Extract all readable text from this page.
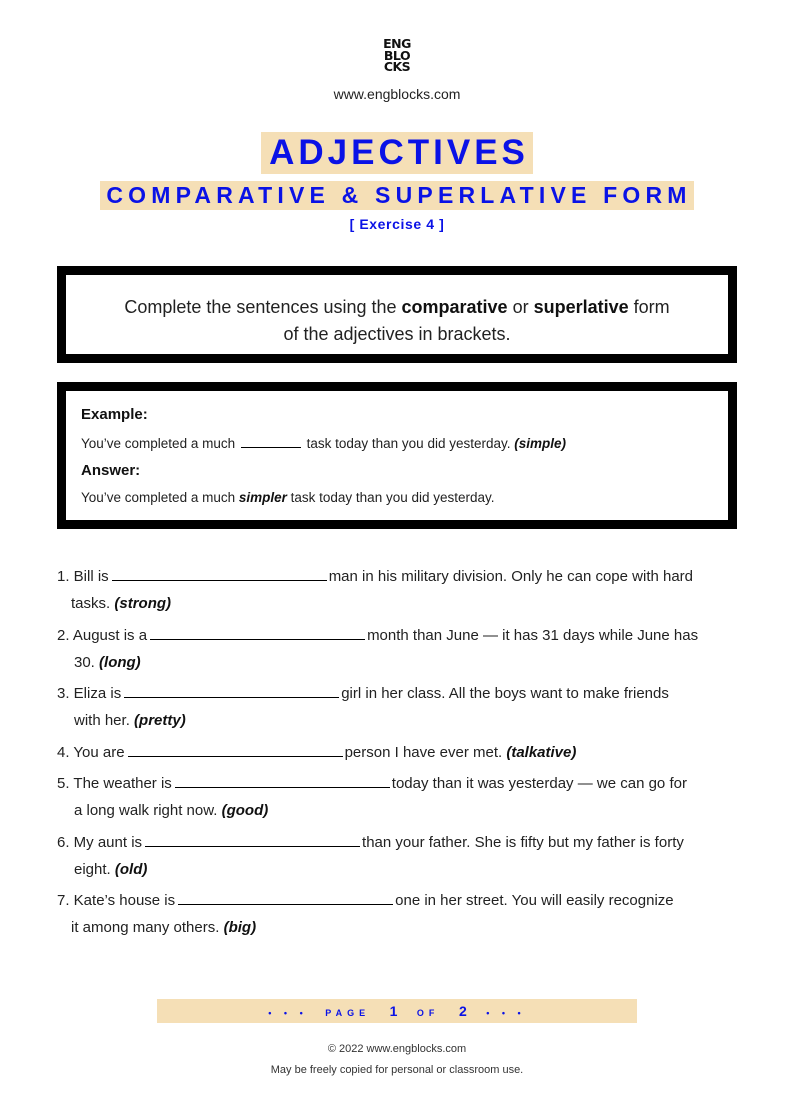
ENG
BLO
CKS
www.engblocks.com
ADJECTIVES
COMPARATIVE & SUPERLATIVE FORM
[ Exercise 4 ]
Complete the sentences using the comparative or superlative form
of the adjectives in brackets.
Example:
You’ve completed a much	task today than you did yesterday. (simple)
Answer:
You’ve completed a much simpler task today than you did yesterday.
1. Bill is	man in his military division. Only he can cope with hard
tasks. (strong)
2. August is a	month than June — it has 31 days while June has
30. (long)
3. Eliza is	girl in her class. All the boys want to make friends
with her. (pretty)
4. You are	person I have ever met. (talkative)
5. The weather is	today than it was yesterday — we can go for
a long walk right now. (good)
6. My aunt is	than your father. She is fifty but my father is forty
eight. (old)
7. Kate’s house is	one in her street. You will easily recognize
it among many others. (big)
• • • PAGE 1 OF 2 • • •
© 2022 www.engblocks.com
May be freely copied for personal or classroom use.
